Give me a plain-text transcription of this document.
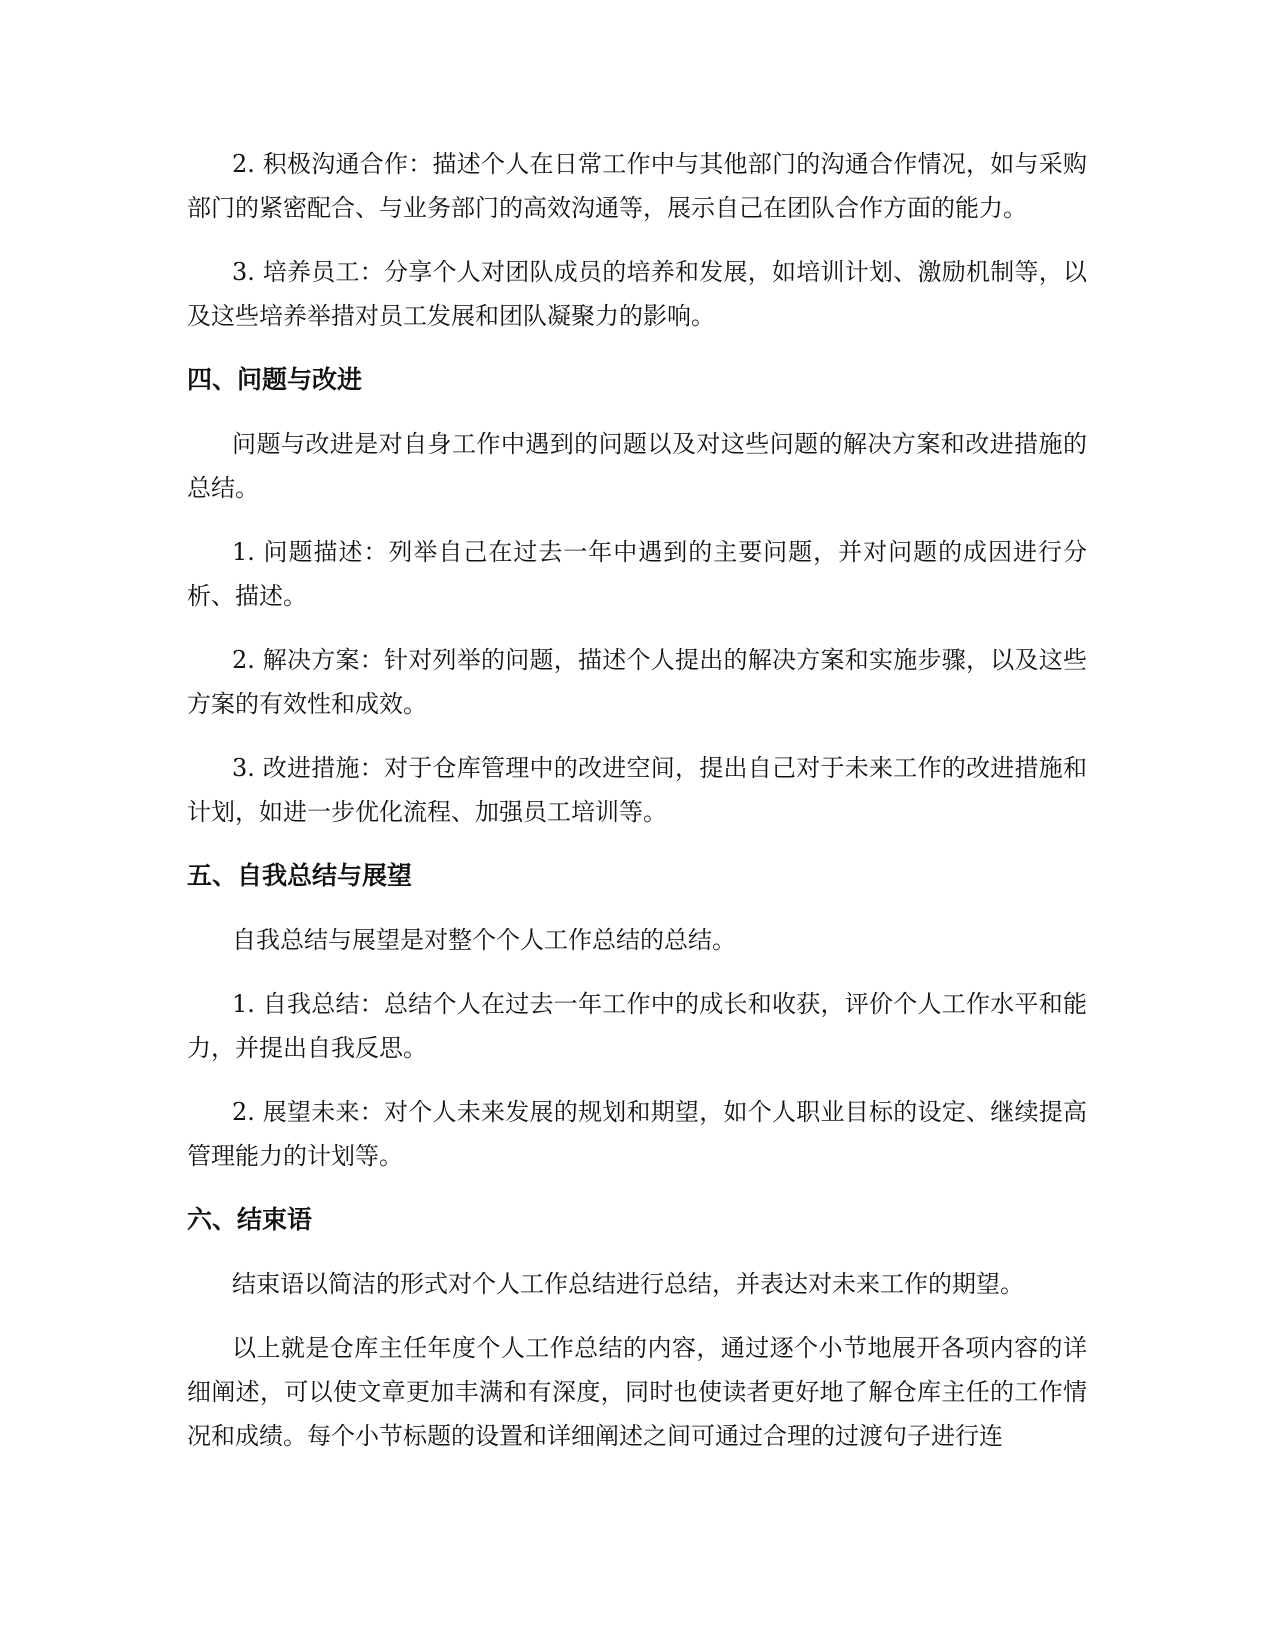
2. 积极沟通合作：描述个人在日常工作中与其他部门的沟通合作情况，如与采购部门的紧密配合、与业务部门的高效沟通等，展示自己在团队合作方面的能力。

3. 培养员工：分享个人对团队成员的培养和发展，如培训计划、激励机制等，以及这些培养举措对员工发展和团队凝聚力的影响。

四、问题与改进

问题与改进是对自身工作中遇到的问题以及对这些问题的解决方案和改进措施的总结。

1. 问题描述：列举自己在过去一年中遇到的主要问题，并对问题的成因进行分析、描述。

2. 解决方案：针对列举的问题，描述个人提出的解决方案和实施步骤，以及这些方案的有效性和成效。

3. 改进措施：对于仓库管理中的改进空间，提出自己对于未来工作的改进措施和计划，如进一步优化流程、加强员工培训等。

五、自我总结与展望

自我总结与展望是对整个个人工作总结的总结。

1. 自我总结：总结个人在过去一年工作中的成长和收获，评价个人工作水平和能力，并提出自我反思。

2. 展望未来：对个人未来发展的规划和期望，如个人职业目标的设定、继续提高管理能力的计划等。

六、结束语

结束语以简洁的形式对个人工作总结进行总结，并表达对未来工作的期望。

以上就是仓库主任年度个人工作总结的内容，通过逐个小节地展开各项内容的详细阐述，可以使文章更加丰满和有深度，同时也使读者更好地了解仓库主任的工作情况和成绩。每个小节标题的设置和详细阐述之间可通过合理的过渡句子进行连
